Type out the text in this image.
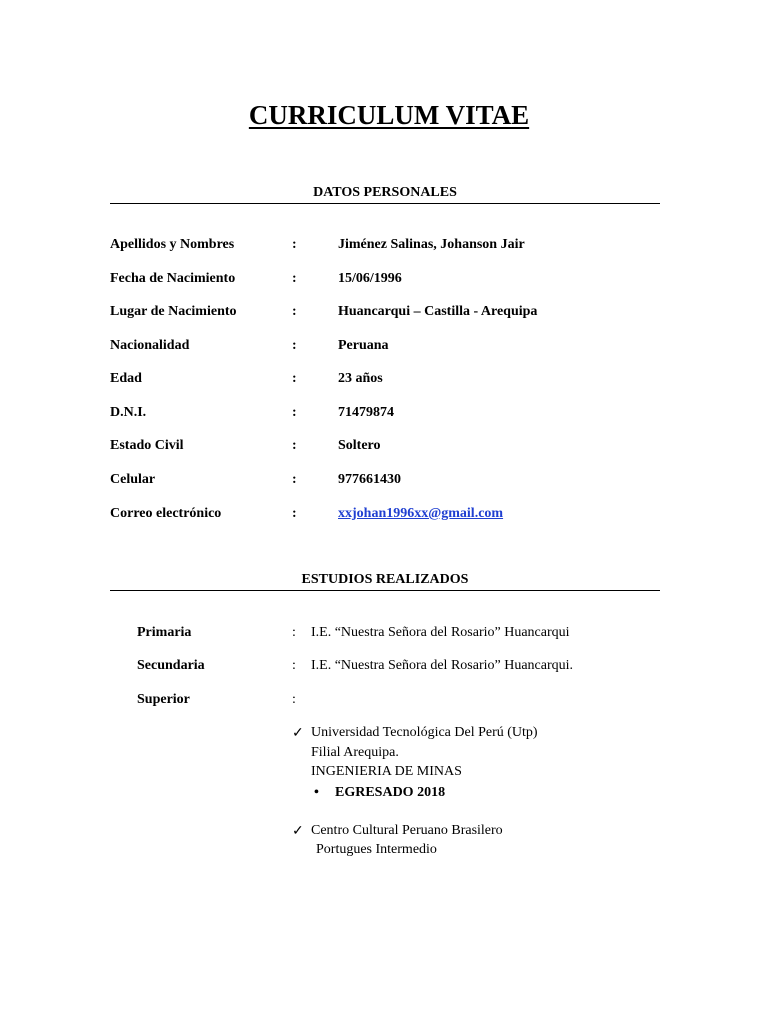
CURRICULUM VITAE
DATOS PERSONALES
Apellidos y Nombres	:	Jiménez Salinas, Johanson Jair
Fecha de Nacimiento	:	15/06/1996
Lugar de Nacimiento	:	Huancarqui – Castilla - Arequipa
Nacionalidad	:	Peruana
Edad	:	23 años
D.N.I.	:	71479874
Estado Civil	:	Soltero
Celular	:	977661430
Correo electrónico	:	xxjohan1996xx@gmail.com
ESTUDIOS REALIZADOS
Primaria	: I.E. “Nuestra Señora del Rosario” Huancarqui
Secundaria	: I.E. “Nuestra Señora del Rosario” Huancarqui.
Superior	:
✓ Universidad Tecnológica Del Perú (Utp)
Filial Arequipa.
INGENIERIA DE MINAS
• EGRESADO 2018
✓ Centro Cultural Peruano Brasilero
Portugues Intermedio
